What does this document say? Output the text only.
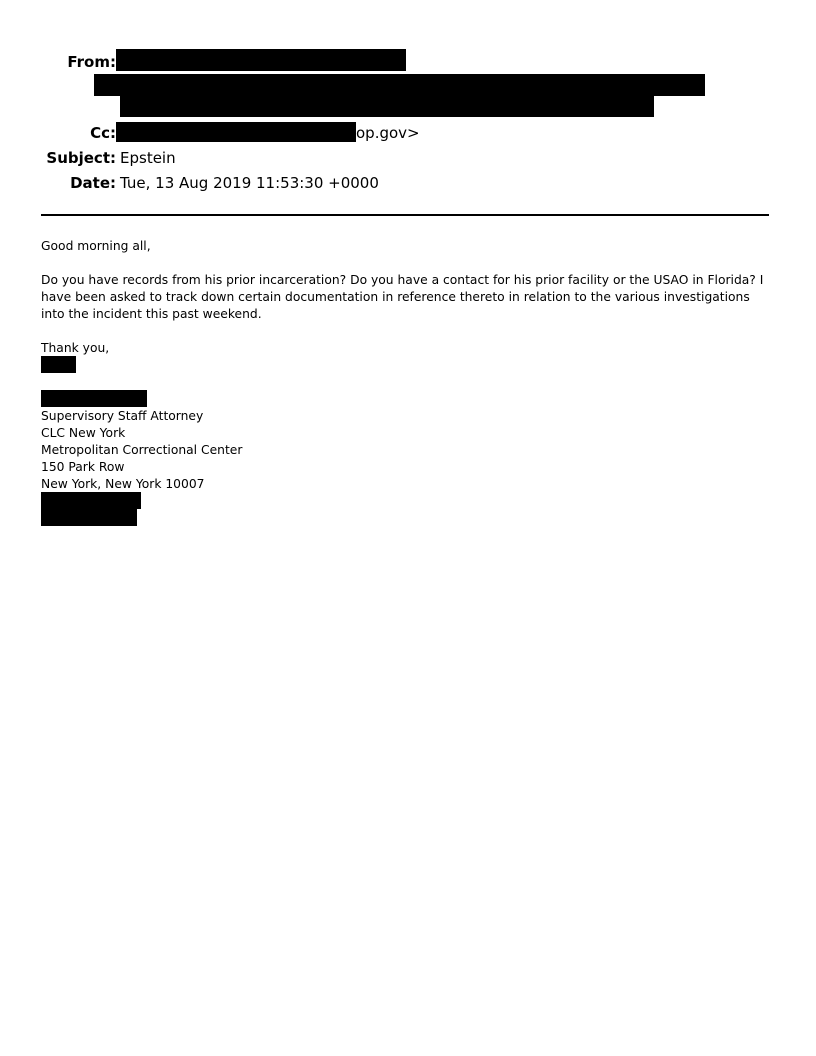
From:
Cc:	op.gov>
Subject: Epstein
Date: Tue, 13 Aug 2019 11:53:30 +0000
Good morning all,
Do you have records from his prior incarceration? Do you have a contact for his prior facility or the USAO in Florida? I have been asked to track down certain documentation in reference thereto in relation to the various investigations into the incident this past weekend.
Thank you,
Supervisory Staff Attorney
CLC New York
Metropolitan Correctional Center
150 Park Row
New York, New York 10007
